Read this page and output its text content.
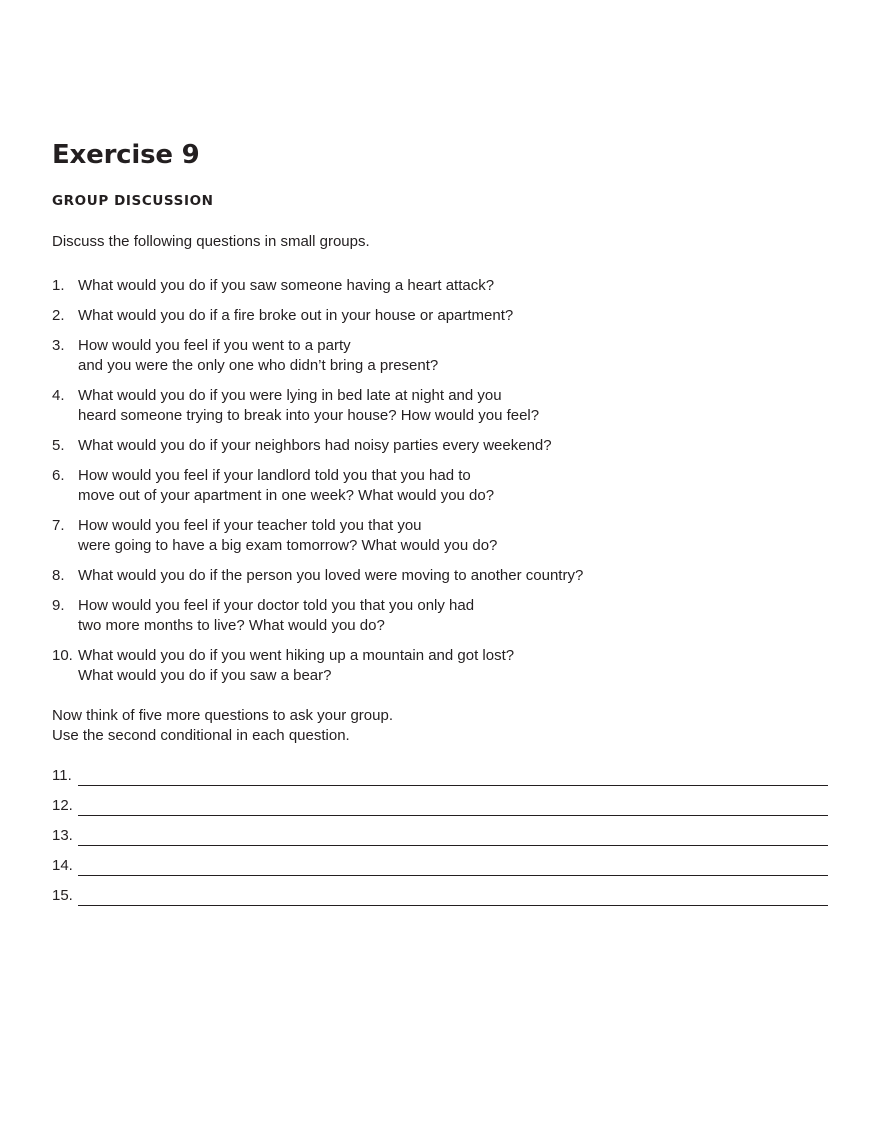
Exercise 9
GROUP DISCUSSION
Discuss the following questions in small groups.
1. What would you do if you saw someone having a heart attack?
2. What would you do if a fire broke out in your house or apartment?
3. How would you feel if you went to a party
and you were the only one who didn’t bring a present?
4. What would you do if you were lying in bed late at night and you
heard someone trying to break into your house? How would you feel?
5. What would you do if your neighbors had noisy parties every weekend?
6. How would you feel if your landlord told you that you had to
move out of your apartment in one week? What would you do?
7. How would you feel if your teacher told you that you
were going to have a big exam tomorrow? What would you do?
8. What would you do if the person you loved were moving to another country?
9. How would you feel if your doctor told you that you only had
two more months to live? What would you do?
10. What would you do if you went hiking up a mountain and got lost?
What would you do if you saw a bear?
Now think of five more questions to ask your group.
Use the second conditional in each question.
11.
12.
13.
14.
15.
